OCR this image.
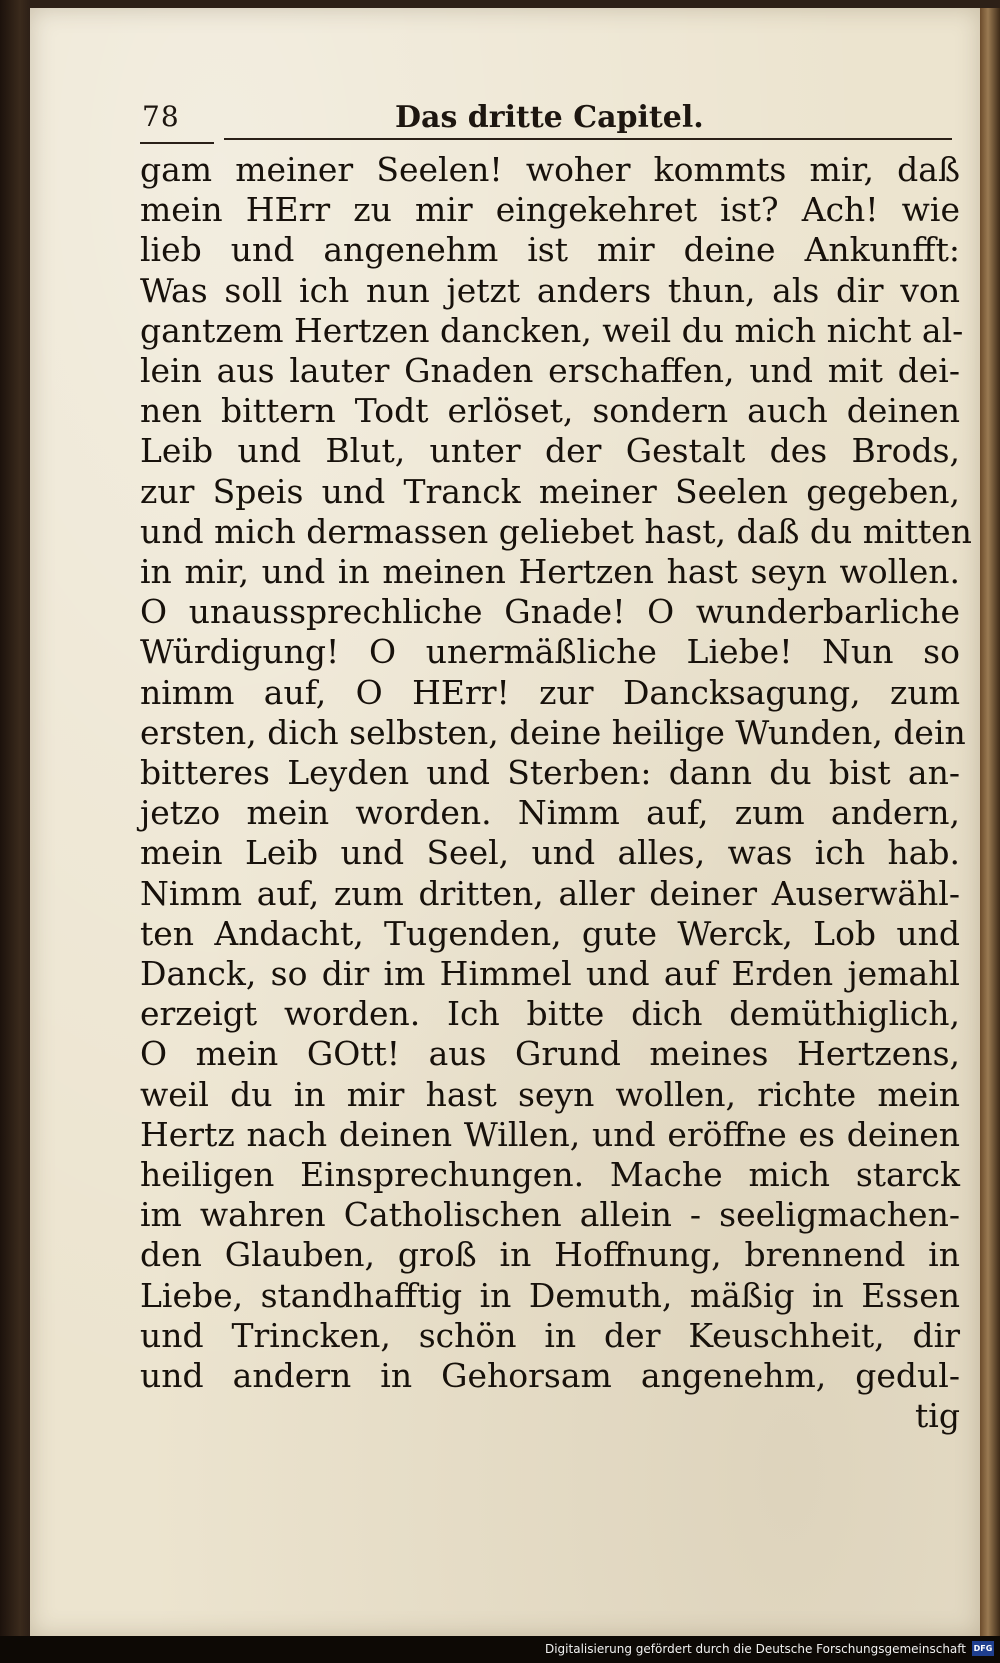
78	Das dritte Capitel.
gam meiner Seelen! woher kommts mir, daß
mein HErr zu mir eingekehret ist? Ach! wie
lieb und angenehm ist mir deine Ankunfft:
Was soll ich nun jetzt anders thun, als dir von
gantzem Hertzen dancken, weil du mich nicht al-
lein aus lauter Gnaden erschaffen, und mit dei-
nen bittern Todt erlöset, sondern auch deinen
Leib und Blut, unter der Gestalt des Brods,
zur Speis und Tranck meiner Seelen gegeben,
und mich dermassen geliebet hast, daß du mitten
in mir, und in meinen Hertzen hast seyn wollen.
O unaussprechliche Gnade! O wunderbarliche
Würdigung! O unermäßliche Liebe! Nun so
nimm auf, O HErr! zur Dancksagung, zum
ersten, dich selbsten, deine heilige Wunden, dein
bitteres Leyden und Sterben: dann du bist an-
jetzo mein worden. Nimm auf, zum andern,
mein Leib und Seel, und alles, was ich hab.
Nimm auf, zum dritten, aller deiner Auserwähl-
ten Andacht, Tugenden, gute Werck, Lob und
Danck, so dir im Himmel und auf Erden jemahl
erzeigt worden. Ich bitte dich demüthiglich,
O mein GOtt! aus Grund meines Hertzens,
weil du in mir hast seyn wollen, richte mein
Hertz nach deinen Willen, und eröffne es deinen
heiligen Einsprechungen. Mache mich starck
im wahren Catholischen allein - seeligmachen-
den Glauben, groß in Hoffnung, brennend in
Liebe, standhafftig in Demuth, mäßig in Essen
und Trincken, schön in der Keuschheit, dir
und andern in Gehorsam angenehm, gedul-
tig
Digitalisierung gefördert durch die Deutsche Forschungsgemeinschaft DFG
